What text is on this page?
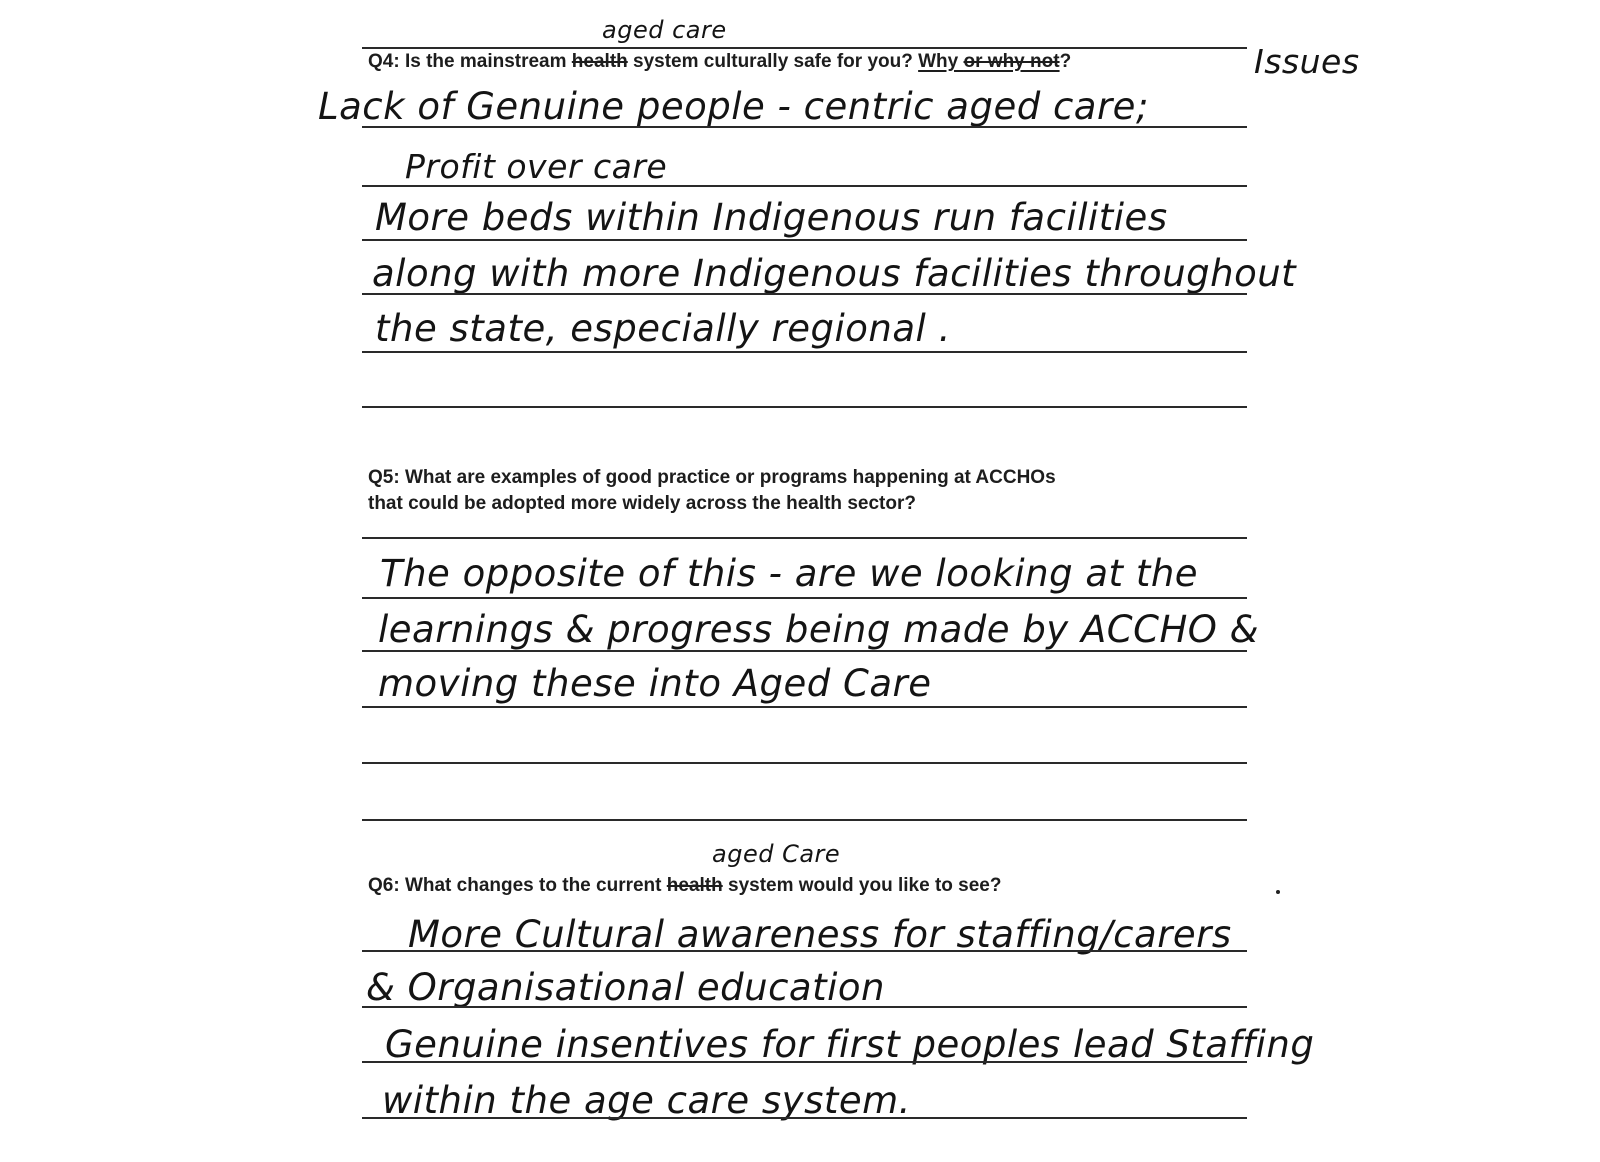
aged care
Q4: Is the mainstream health system culturally safe for you? Why or why not?	Issues
Lack of Genuine people - centric aged care;
Profit over care
More beds within Indigenous run facilities
along with more Indigenous facilities throughout
the state, especially regional .
Q5: What are examples of good practice or programs happening at ACCHOs
that could be adopted more widely across the health sector?
The opposite of this - are we looking at the
learnings & progress being made by ACCHO &
moving these into Aged Care
aged Care
Q6: What changes to the current health system would you like to see?
More Cultural awareness for staffing/carers
& Organisational education
Genuine insentives for first peoples lead Staffing
within the age care system.
